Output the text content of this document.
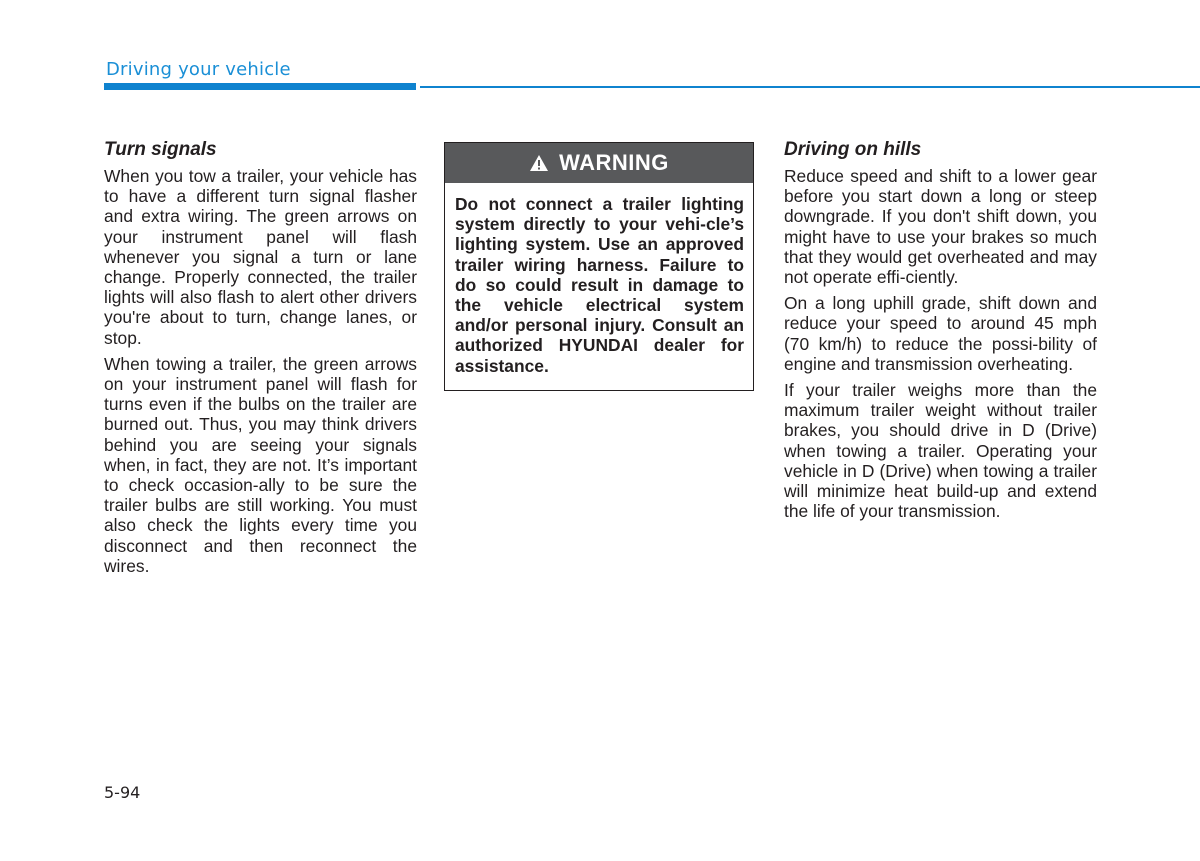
Driving your vehicle
Turn signals

When you tow a trailer, your vehicle has to have a different turn signal flasher and extra wiring. The green arrows on your instrument panel will flash whenever you signal a turn or lane change. Properly connected, the trailer lights will also flash to alert other drivers you're about to turn, change lanes, or stop.

When towing a trailer, the green arrows on your instrument panel will flash for turns even if the bulbs on the trailer are burned out. Thus, you may think drivers behind you are seeing your signals when, in fact, they are not. It’s important to check occasion-ally to be sure the trailer bulbs are still working. You must also check the lights every time you disconnect and then reconnect the wires.

WARNING
Do not connect a trailer lighting system directly to your vehi-cle’s lighting system. Use an approved trailer wiring harness. Failure to do so could result in damage to the vehicle electrical system and/or personal injury. Consult an authorized HYUNDAI dealer for assistance.
Driving on hills

Reduce speed and shift to a lower gear before you start down a long or steep downgrade. If you don't shift down, you might have to use your brakes so much that they would get overheated and may not operate effi-ciently.

On a long uphill grade, shift down and reduce your speed to around 45 mph (70 km/h) to reduce the possi-bility of engine and transmission overheating.

If your trailer weighs more than the maximum trailer weight without trailer brakes, you should drive in D (Drive) when towing a trailer. Operating your vehicle in D (Drive) when towing a trailer will minimize heat build-up and extend the life of your transmission.

5-94
